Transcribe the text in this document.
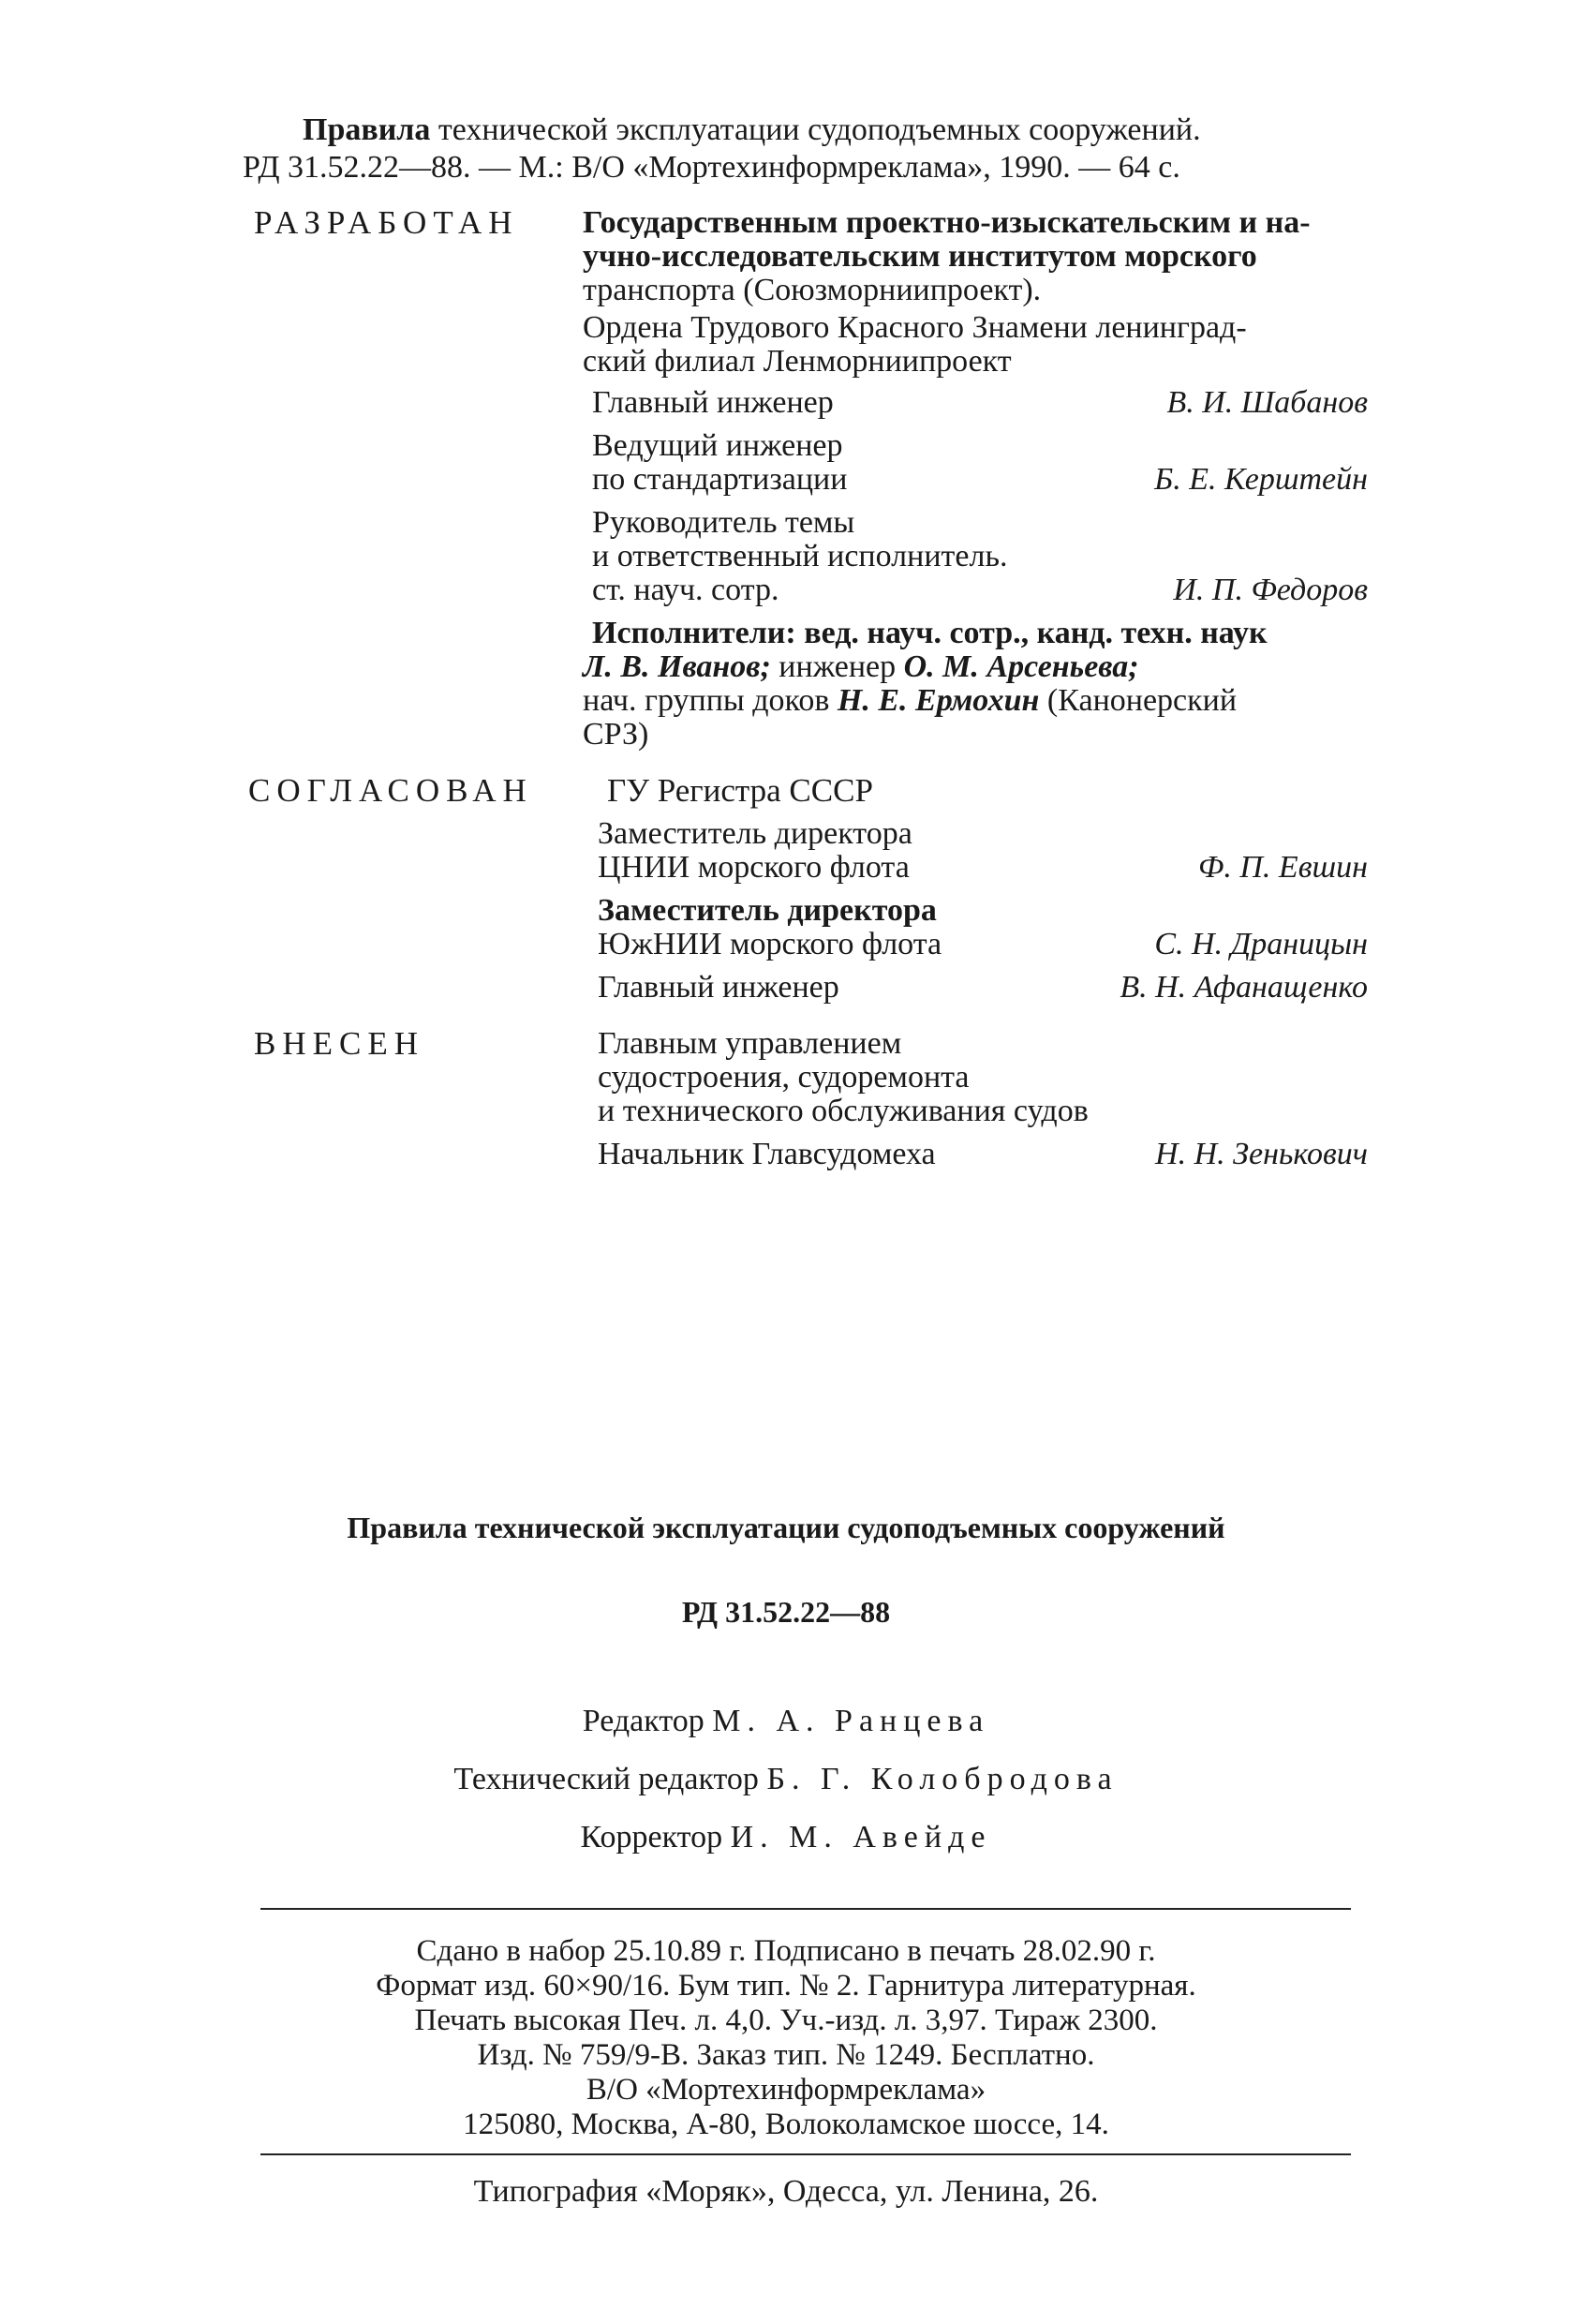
Правила технической эксплуатации судоподъемных сооружений.
РД 31.52.22—88. — М.: В/О «Мортехинформреклама», 1990. — 64 с.
РАЗРАБОТАН Государственным проектно-изыскательским и на-
учно-исследовательским институтом морского
транспорта (Союзморниипроект).
Ордена Трудового Красного Знамени ленинград-
ский филиал Ленморниипроект
Главный инженер	В. И. Шабанов
Ведущий инженер
по стандартизации	Б. Е. Керштейн
Руководитель темы
и ответственный исполнитель.
ст. науч. сотр.	И. П. Федоров
Исполнители: вед. науч. сотр., канд. техн. наук
Л. В. Иванов; инженер О. М. Арсеньева;
нач. группы доков Н. Е. Ермохин (Канонерский
СРЗ)
СОГЛАСОВАН ГУ Регистра СССР
Заместитель директора
ЦНИИ морского флота	Ф. П. Евшин
Заместитель директора
ЮжНИИ морского флота	С. Н. Драницын
Главный инженер	В. Н. Афанащенко
ВНЕСЕН	Главным управлением
судостроения, судоремонта
и технического обслуживания судов
Начальник Главсудомеха	Н. Н. Зенькович
Правила технической эксплуатации судоподъемных сооружений
РД 31.52.22—88
Редактор М. А. Ранцева
Технический редактор Б. Г. Колобродова
Корректор И. М. Авейде
Сдано в набор 25.10.89 г. Подписано в печать 28.02.90 г.
Формат изд. 60×90/16. Бум тип. № 2. Гарнитура литературная.
Печать высокая Печ. л. 4,0. Уч.-изд. л. 3,97. Тираж 2300.
Изд. № 759/9-В. Заказ тип. № 1249. Бесплатно.
В/О «Мортехинформреклама»
125080, Москва, А-80, Волоколамское шоссе, 14.
Типография «Моряк», Одесса, ул. Ленина, 26.
